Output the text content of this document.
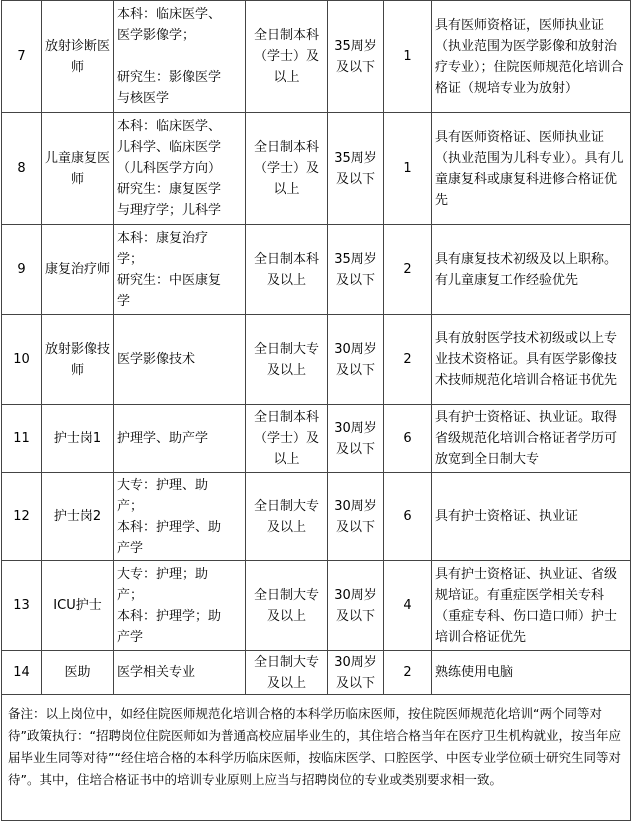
7	放射诊断医师	本科：临床医学、
医学影像学；

研究生：影像医学
与核医学	全日制本科（学士）及以上	35周岁及以下	1	具有医师资格证，医师执业证（执业范围为医学影像和放射治疗专业）；住院医师规范化培训合格证（规培专业为放射）
8	儿童康复医师	本科：临床医学、
儿科学、临床医学
（儿科医学方向）
研究生：康复医学
与理疗学；儿科学	全日制本科（学士）及以上	35周岁及以下	1	具有医师资格证、医师执业证（执业范围为儿科专业）。具有儿童康复科或康复科进修合格证优先
9	康复治疗师	本科：康复治疗
学；
研究生：中医康复
学	全日制本科及以上	35周岁及以下	2	具有康复技术初级及以上职称。有儿童康复工作经验优先
10	放射影像技师	医学影像技术	全日制大专及以上	30周岁及以下	2	具有放射医学技术初级或以上专业技术资格证。具有医学影像技术技师规范化培训合格证书优先
11	护士岗1	护理学、助产学	全日制本科（学士）及以上	30周岁及以下	6	具有护士资格证、执业证。取得省级规范化培训合格证者学历可放宽到全日制大专
12	护士岗2	大专：护理、助
产；
本科：护理学、助
产学	全日制大专及以上	30周岁及以下	6	具有护士资格证、执业证
13	ICU护士	大专：护理；助
产；
本科：护理学；助
产学	全日制大专及以上	30周岁及以下	4	具有护士资格证、执业证、省级规培证。有重症医学相关专科（重症专科、伤口造口师）护士培训合格证优先
14	医助	医学相关专业	全日制大专及以上	30周岁及以下	2	熟练使用电脑
备注：以上岗位中，如经住院医师规范化培训合格的本科学历临床医师，按住院医师规范化培训“两个同等对待”政策执行：“招聘岗位住院医师如为普通高校应届毕业生的，其住培合格当年在医疗卫生机构就业，按当年应届毕业生同等对待”“经住培合格的本科学历临床医师，按临床医学、口腔医学、中医专业学位硕士研究生同等对待”。其中，住培合格证书中的培训专业原则上应当与招聘岗位的专业或类别要求相一致。						
